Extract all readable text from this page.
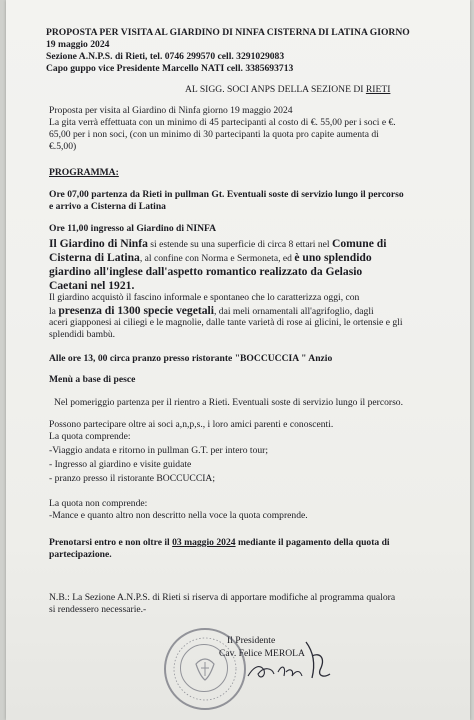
PROPOSTA PER VISITA AL GIARDINO DI NINFA CISTERNA DI LATINA GIORNO

19 maggio 2024

Sezione A.N.P.S. di Rieti, tel. 0746 299570 cell. 3291029083

Capo guppo vice Presidente Marcello NATI cell. 3385693713

AL SIGG. SOCI ANPS DELLA SEZIONE DI RIETI

Proposta per visita al Giardino di Ninfa giorno 19 maggio 2024

La gita verrà effettuata con un minimo di 45 partecipanti al costo di €. 55,00 per i soci e €.

65,00 per i non soci, (con un minimo di 30 partecipanti la quota pro capite aumenta di

€.5,00)

PROGRAMMA:

Ore 07,00 partenza da Rieti in pullman Gt. Eventuali soste di servizio lungo il percorso

e arrivo a Cisterna di Latina

Ore 11,00 ingresso al Giardino di NINFA

Il Giardino di Ninfa si estende su una superficie di circa 8 ettari nel Comune di

Cisterna di Latina, al confine con Norma e Sermoneta, ed è uno splendido

giardino all'inglese dall'aspetto romantico realizzato da Gelasio

Caetani nel 1921.

Il giardino acquistò il fascino informale e spontaneo che lo caratterizza oggi, con

la presenza di 1300 specie vegetali, dai meli ornamentali all'agrifoglio, dagli

aceri giapponesi ai ciliegi e le magnolie, dalle tante varietà di rose ai glicini, le ortensie e gli

splendidi bambù.

Alle ore 13, 00 circa pranzo presso ristorante "BOCCUCCIA " Anzio

Menù a base di pesce

Nel pomeriggio partenza per il rientro a Rieti. Eventuali soste di servizio lungo il percorso.

Possono partecipare oltre ai soci a,n,p,s., i loro amici parenti e conoscenti.

La quota comprende:

-Viaggio andata e ritorno in pullman G.T. per intero tour;

- Ingresso al giardino e visite guidate

- pranzo presso il ristorante BOCCUCCIA;

La quota non comprende:

-Mance e quanto altro non descritto nella voce la quota comprende.

Prenotarsi entro e non oltre il 03 maggio 2024 mediante il pagamento della quota di

partecipazione.

N.B.: La Sezione A.N.P.S. di Rieti si riserva di apportare modifiche al programma qualora

si rendessero necessarie.-

Il Presidente

Cav. Felice MEROLA
